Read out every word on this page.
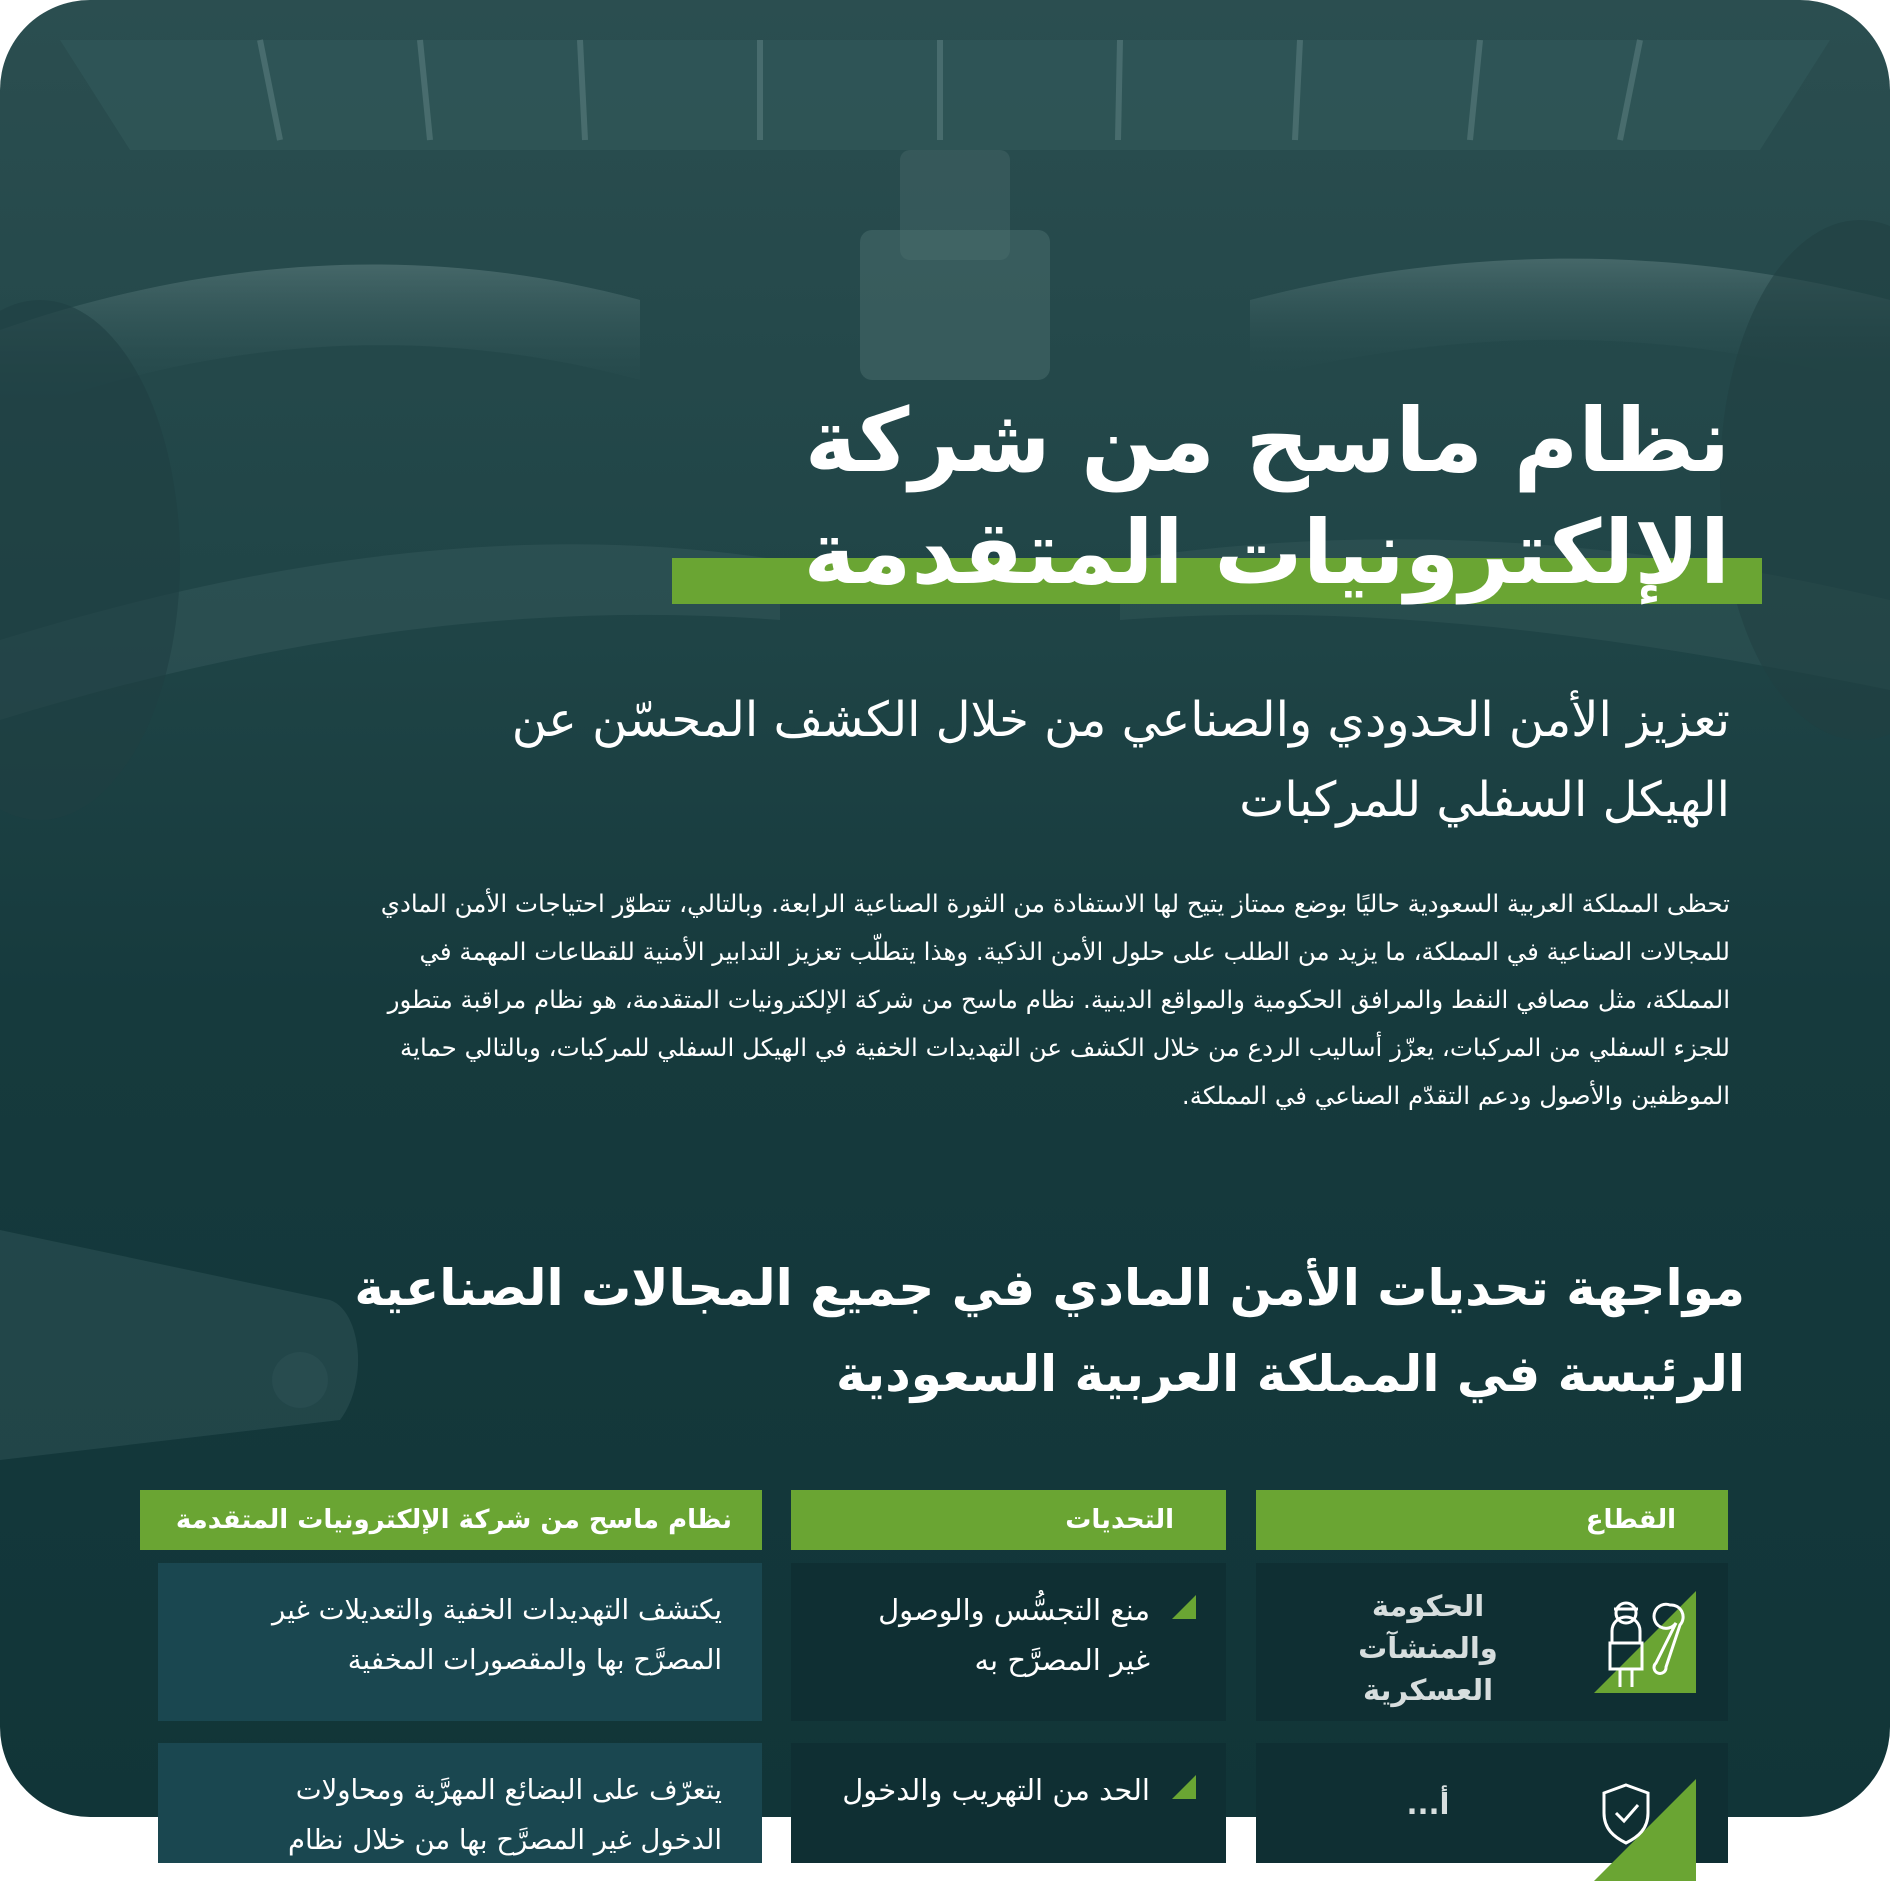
نظام ماسح من شركة
الإلكترونيات المتقدمة
تعزيز الأمن الحدودي والصناعي من خلال الكشف المحسّن عن
الهيكل السفلي للمركبات
تحظى المملكة العربية السعودية حاليًا بوضع ممتاز يتيح لها الاستفادة من الثورة الصناعية الرابعة. وبالتالي، تتطوّر احتياجات الأمن المادي
للمجالات الصناعية في المملكة، ما يزيد من الطلب على حلول الأمن الذكية. وهذا يتطلّب تعزيز التدابير الأمنية للقطاعات المهمة في
المملكة، مثل مصافي النفط والمرافق الحكومية والمواقع الدينية. نظام ماسح من شركة الإلكترونيات المتقدمة، هو نظام مراقبة متطور
للجزء السفلي من المركبات، يعزّز أساليب الردع من خلال الكشف عن التهديدات الخفية في الهيكل السفلي للمركبات، وبالتالي حماية
الموظفين والأصول ودعم التقدّم الصناعي في المملكة.
مواجهة تحديات الأمن المادي في جميع المجالات الصناعية
الرئيسة في المملكة العربية السعودية
القطاع
التحديات
نظام ماسح من شركة الإلكترونيات المتقدمة
الحكومة
والمنشآت
العسكرية
منع التجسُّس والوصول
غير المصرَّح به
يكتشف التهديدات الخفية والتعديلات غير
المصرَّح بها والمقصورات المخفية
أ...
الحد من التهريب والدخول
يتعرّف على البضائع المهرَّبة ومحاولات
الدخول غير المصرَّح بها من خلال نظام
